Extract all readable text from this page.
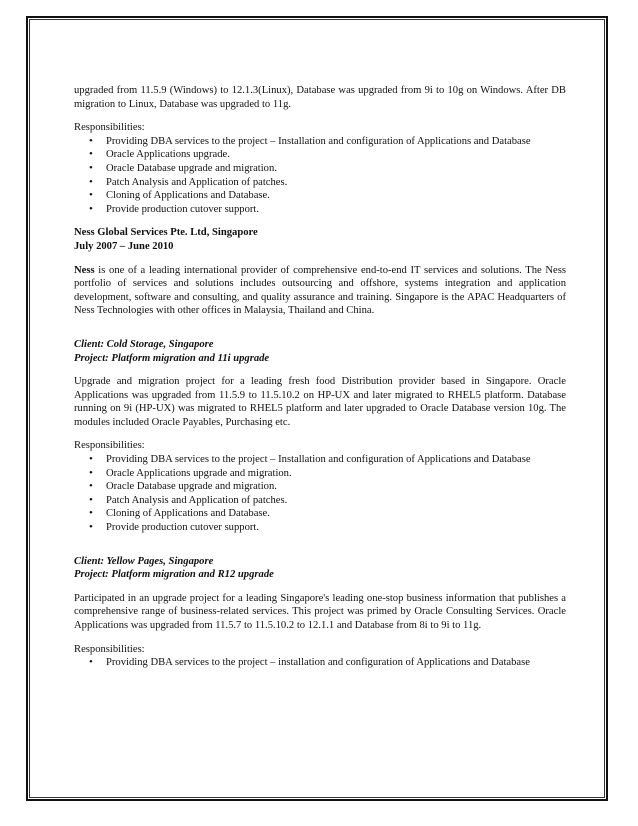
upgraded from 11.5.9 (Windows) to 12.1.3(Linux), Database was upgraded from 9i to 10g on Windows. After DB migration to Linux, Database was upgraded to 11g.

Responsibilities:

• Providing DBA services to the project – Installation and configuration of Applications and Database
• Oracle Applications upgrade.
• Oracle Database upgrade and migration.
• Patch Analysis and Application of patches.
• Cloning of Applications and Database.
• Provide production cutover support.

Ness Global Services Pte. Ltd, Singapore

July 2007 – June 2010

Ness is one of a leading international provider of comprehensive end-to-end IT services and solutions. The Ness portfolio of services and solutions includes outsourcing and offshore, systems integration and application development, software and consulting, and quality assurance and training. Singapore is the APAC Headquarters of Ness Technologies with other offices in Malaysia, Thailand and China.

Client: Cold Storage, Singapore

Project: Platform migration and 11i upgrade

Upgrade and migration project for a leading fresh food Distribution provider based in Singapore. Oracle Applications was upgraded from 11.5.9 to 11.5.10.2 on HP-UX and later migrated to RHEL5 platform. Database running on 9i (HP-UX) was migrated to RHEL5 platform and later upgraded to Oracle Database version 10g. The modules included Oracle Payables, Purchasing etc.

Responsibilities:

• Providing DBA services to the project – Installation and configuration of Applications and Database
• Oracle Applications upgrade and migration.
• Oracle Database upgrade and migration.
• Patch Analysis and Application of patches.
• Cloning of Applications and Database.
• Provide production cutover support.

Client: Yellow Pages, Singapore

Project: Platform migration and R12 upgrade

Participated in an upgrade project for a leading Singapore's leading one-stop business information that publishes a comprehensive range of business-related services. This project was primed by Oracle Consulting Services. Oracle Applications was upgraded from 11.5.7 to 11.5.10.2 to 12.1.1 and Database from 8i to 9i to 11g.

Responsibilities:

• Providing DBA services to the project – installation and configuration of Applications and Database
